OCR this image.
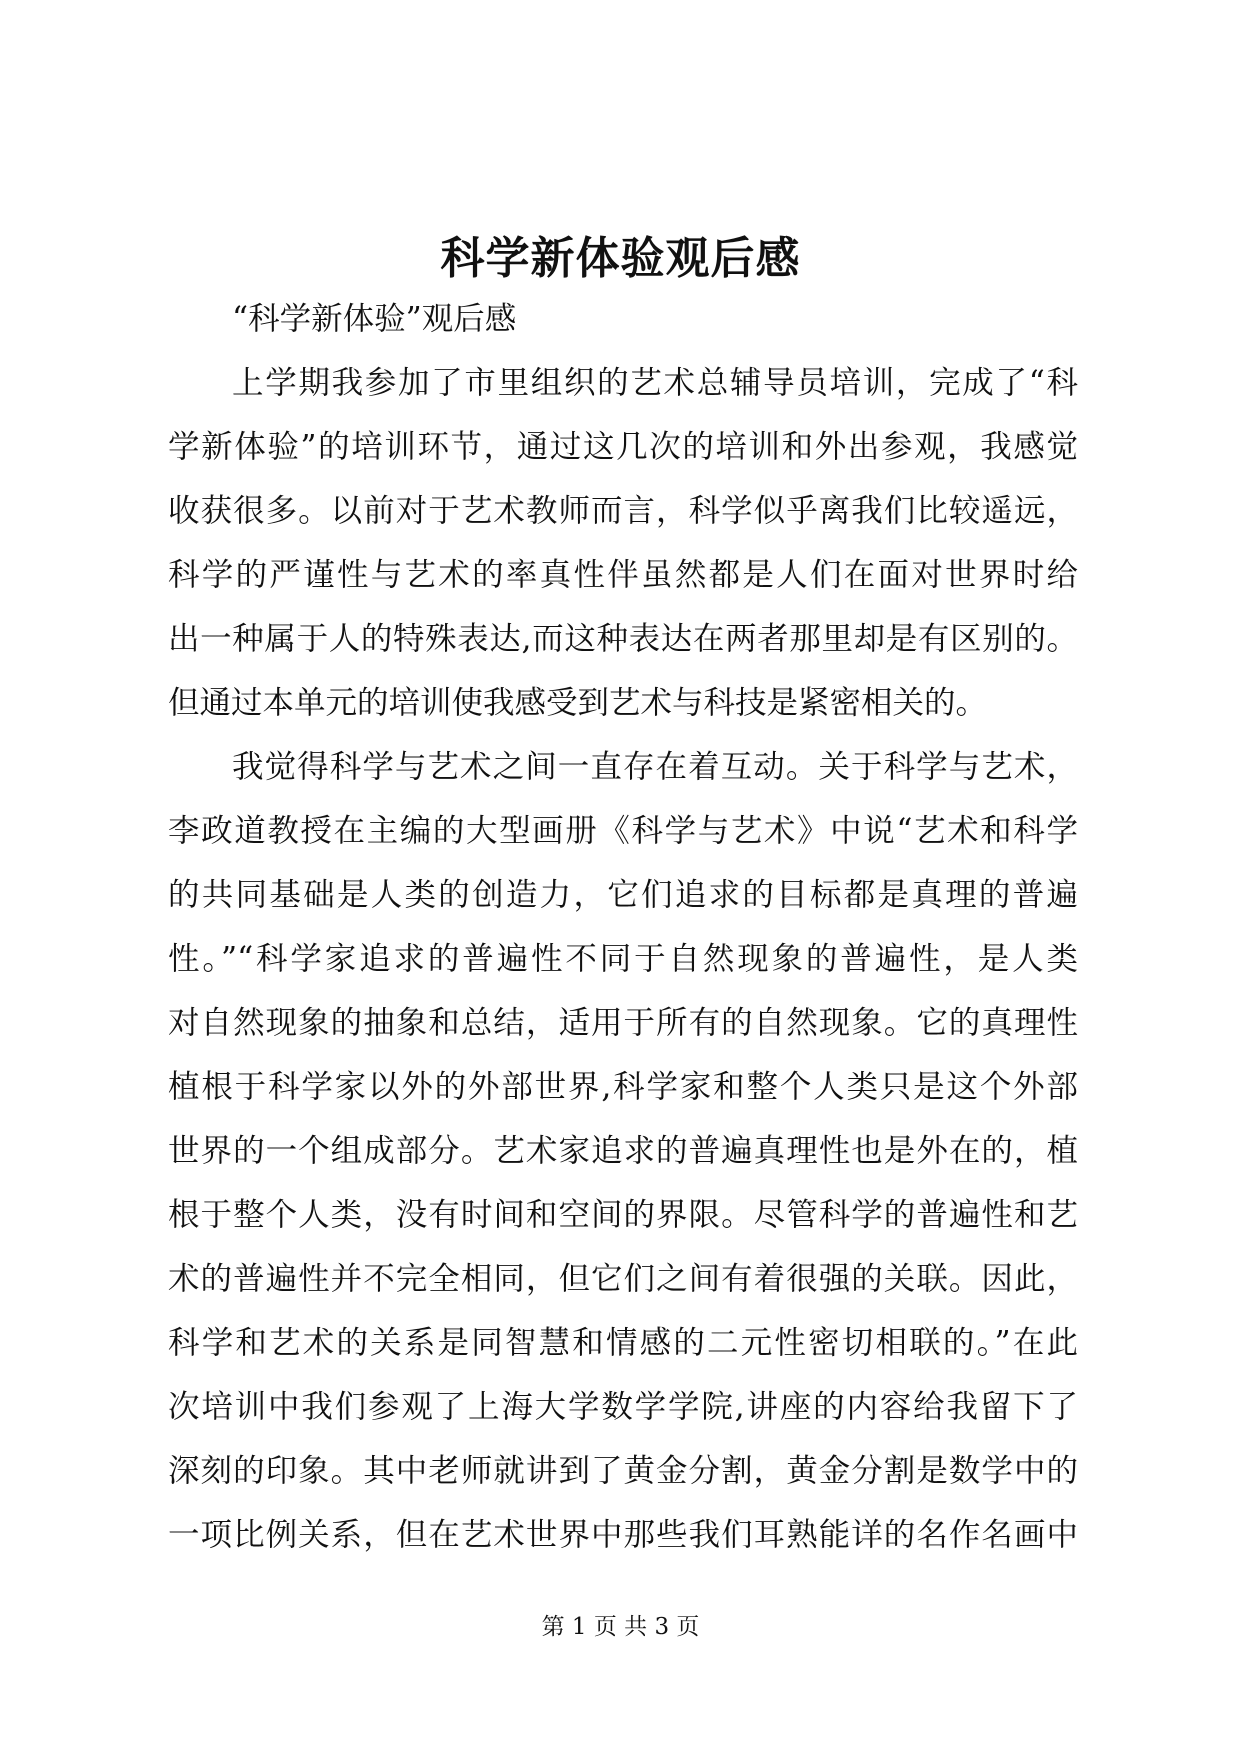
科学新体验观后感
“科学新体验”观后感
上学期我参加了市里组织的艺术总辅导员培训，完成了“科
学新体验”的培训环节，通过这几次的培训和外出参观，我感觉
收获很多。以前对于艺术教师而言，科学似乎离我们比较遥远，
科学的严谨性与艺术的率真性伴虽然都是人们在面对世界时给
出一种属于人的特殊表达,而这种表达在两者那里却是有区别的。
但通过本单元的培训使我感受到艺术与科技是紧密相关的。
我觉得科学与艺术之间一直存在着互动。关于科学与艺术，
李政道教授在主编的大型画册《科学与艺术》中说“艺术和科学
的共同基础是人类的创造力，它们追求的目标都是真理的普遍
性。”“科学家追求的普遍性不同于自然现象的普遍性，是人类
对自然现象的抽象和总结，适用于所有的自然现象。它的真理性
植根于科学家以外的外部世界,科学家和整个人类只是这个外部
世界的一个组成部分。艺术家追求的普遍真理性也是外在的，植
根于整个人类，没有时间和空间的界限。尽管科学的普遍性和艺
术的普遍性并不完全相同，但它们之间有着很强的关联。因此，
科学和艺术的关系是同智慧和情感的二元性密切相联的。”在此
次培训中我们参观了上海大学数学学院,讲座的内容给我留下了
深刻的印象。其中老师就讲到了黄金分割，黄金分割是数学中的
一项比例关系，但在艺术世界中那些我们耳熟能详的名作名画中
第 1 页 共 3 页
